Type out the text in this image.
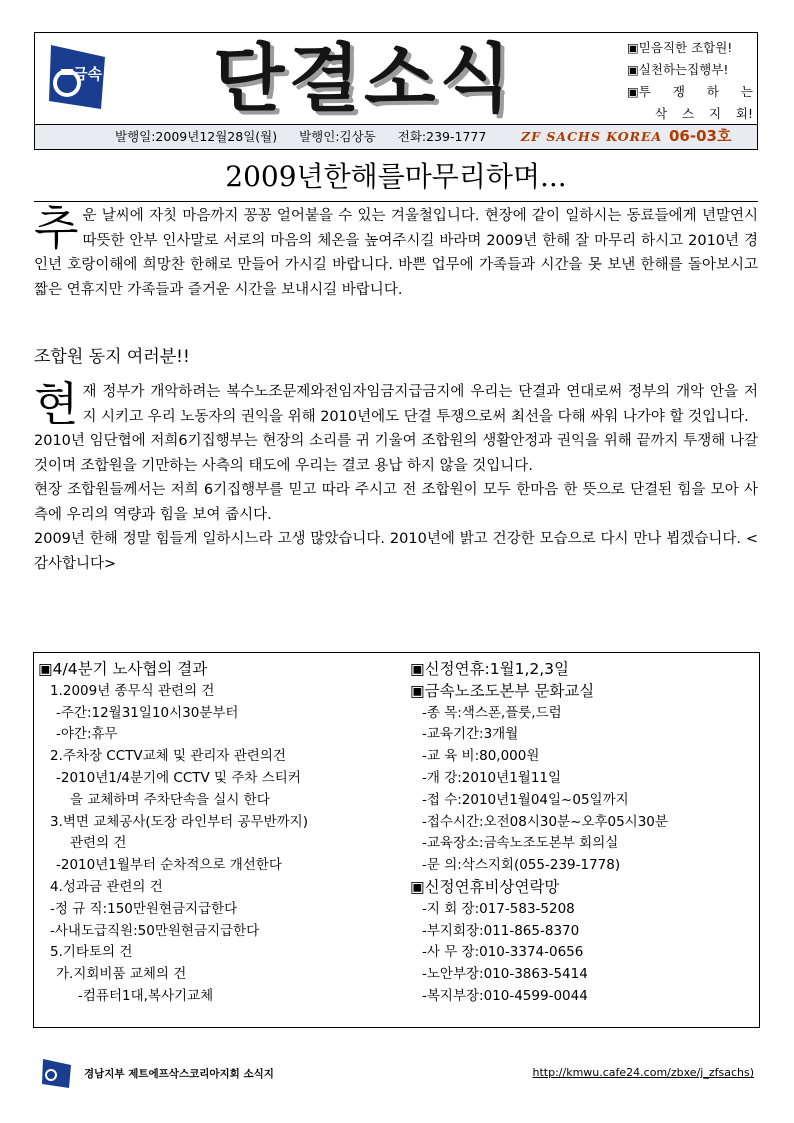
금속 단결소식	▣믿음직한 조합원!
▣실천하는집행부!
▣투 쟁 하 는
삭 스 지 회!
발행일:2009년12월28일(월) 발행인:김상동 전화:239-1777	ZF SACHS KOREA 06-03호
2009년한해를마무리하며...
추운 날씨에 자칫 마음까지 꽁꽁 얼어붙을 수 있는 겨울철입니다. 현장에 같이 일하시는 동료들에게 년말연시 따뜻한 안부 인사말로 서로의 마음의 체온을 높여주시길 바라며 2009년 한해 잘 마무리 하시고 2010년 경인년 호랑이해에 희망찬 한해로 만들어 가시길 바랍니다. 바쁜 업무에 가족들과 시간을 못 보낸 한해를 돌아보시고 짧은 연휴지만 가족들과 즐거운 시간을 보내시길 바랍니다.
조합원 동지 여러분!!

현재 정부가 개악하려는 복수노조문제와전임자임금지급금지에 우리는 단결과 연대로써 정부의 개악 안을 저지 시키고 우리 노동자의 권익을 위해 2010년에도 단결 투쟁으로써 최선을 다해 싸워 나가야 할 것입니다.

2010년 임단협에 저희6기집행부는 현장의 소리를 귀 기울여 조합원의 생활안정과 권익을 위해 끝까지 투쟁해 나갈 것이며 조합원을 기만하는 사측의 태도에 우리는 결코 용납 하지 않을 것입니다.

현장 조합원들께서는 저희 6기집행부를 믿고 따라 주시고 전 조합원이 모두 한마음 한 뜻으로 단결된 힘을 모아 사측에 우리의 역량과 힘을 보여 줍시다.

2009년 한해 정말 힘들게 일하시느라 고생 많았습니다. 2010년에 밝고 건강한 모습으로 다시 만나 뵙겠습니다. <감사합니다>

▣4/4분기 노사협의 결과
1.2009년 종무식 관련의 건
-주간:12월31일10시30분부터
-야간:휴무
2.주차장 CCTV교체 및 관리자 관련의건
-2010년1/4분기에 CCTV 및 주차 스티커
을 교체하며 주차단속을 실시 한다
3.벽면 교체공사(도장 라인부터 공무반까지)
관련의 건
-2010년1월부터 순차적으로 개선한다
4.성과금 관련의 건
-정 규 직:150만원현금지급한다
-사내도급직원:50만원현금지급한다
5.기타토의 건
가.지회비품 교체의 건
-컴퓨터1대,복사기교체
▣신정연휴:1월1,2,3일
▣금속노조도본부 문화교실
-종 목:색스폰,플룻,드럼
-교육기간:3개월
-교 육 비:80,000원
-개 강:2010년1월11일
-접 수:2010년1월04일~05일까지
-접수시간:오전08시30분~오후05시30분
-교육장소:금속노조도본부 회의실
-문 의:삭스지회(055-239-1778)
▣신정연휴비상연락망
-지 회 장:017-583-5208
-부지회장:011-865-8370
-사 무 장:010-3374-0656
-노안부장:010-3863-5414
-복지부장:010-4599-0044
경남지부 제트에프삭스코리아지회 소식지	http://kmwu.cafe24.com/zbxe/j_zfsachs)
